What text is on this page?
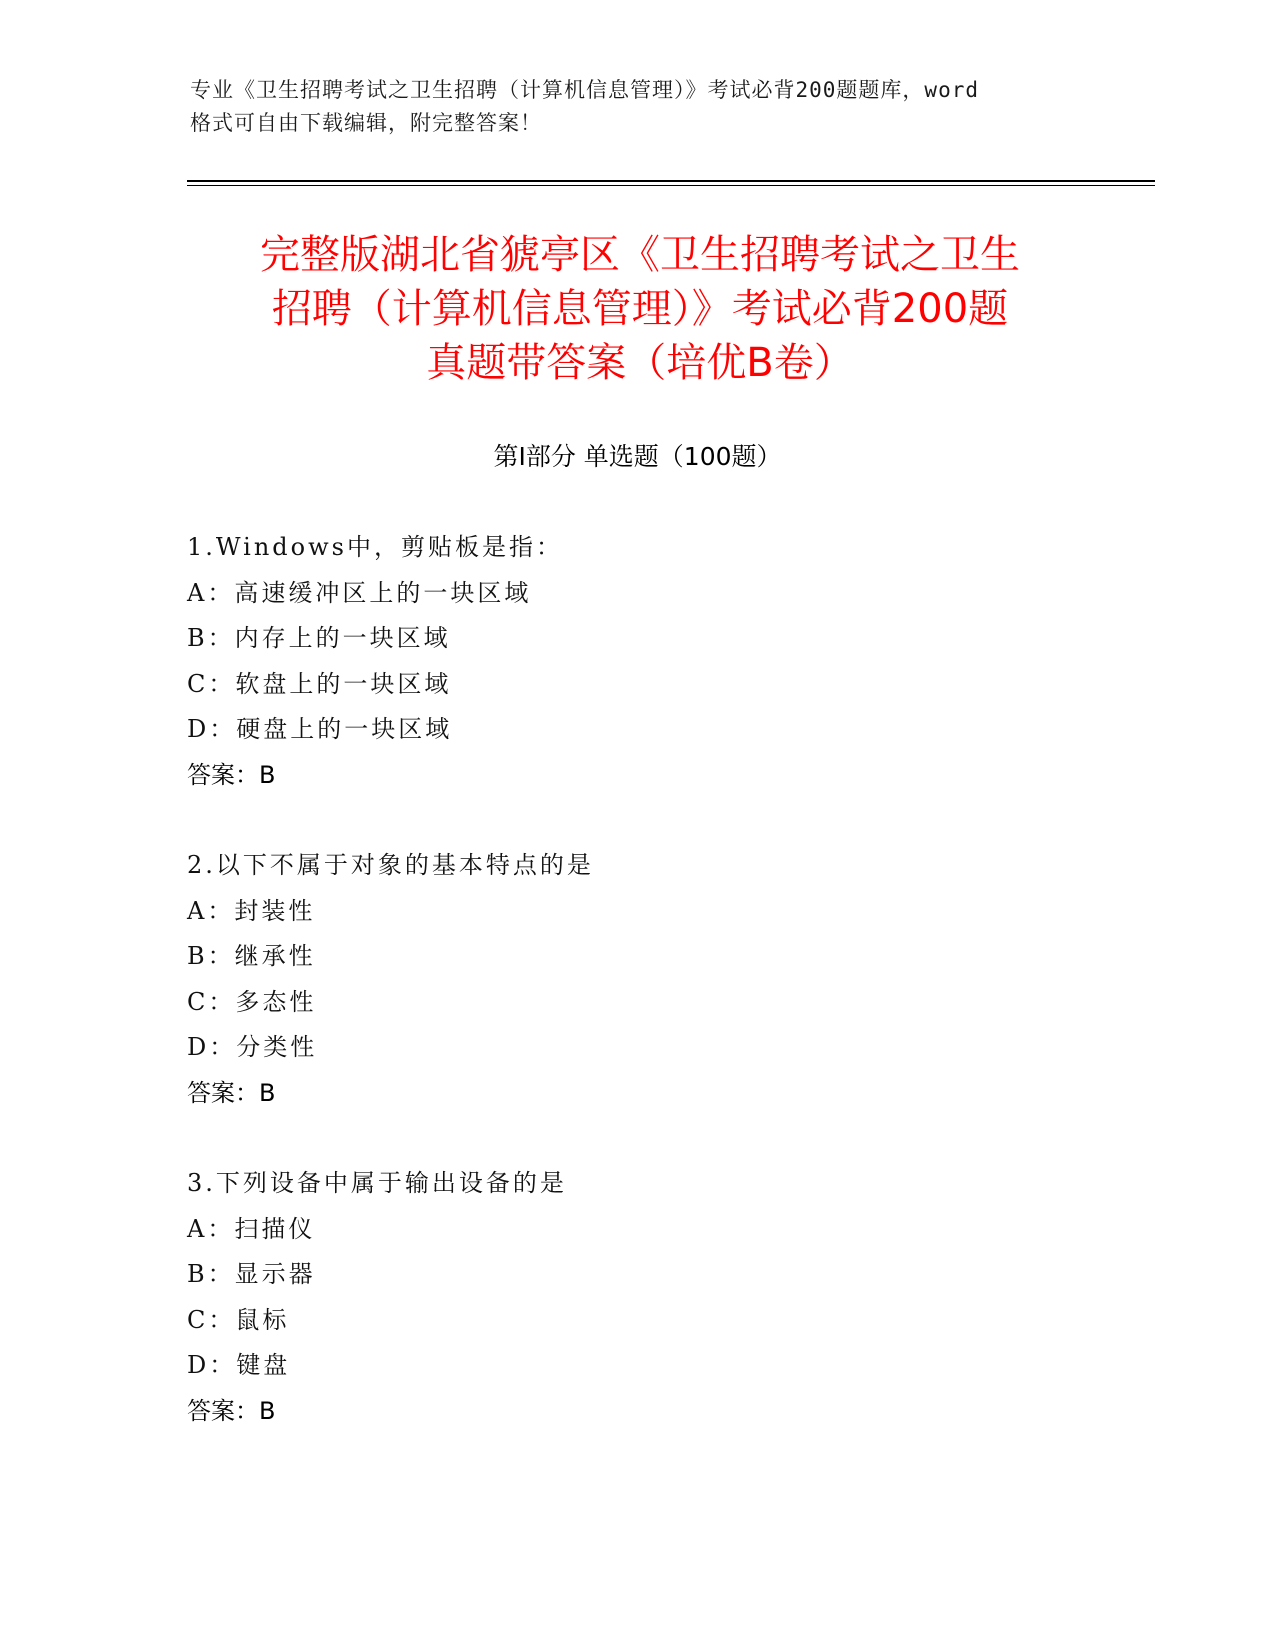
专业《卫生招聘考试之卫生招聘（计算机信息管理）》考试必背200题题库，word
格式可自由下载编辑，附完整答案！
完整版湖北省猇亭区《卫生招聘考试之卫生
招聘（计算机信息管理）》考试必背200题
真题带答案（培优B卷）
第Ⅰ部分 单选题（100题）
1.Windows中，剪贴板是指：
A：高速缓冲区上的一块区域
B：内存上的一块区域
C：软盘上的一块区域
D：硬盘上的一块区域
答案：B
2.以下不属于对象的基本特点的是
A：封装性
B：继承性
C：多态性
D：分类性
答案：B
3.下列设备中属于输出设备的是
A：扫描仪
B：显示器
C：鼠标
D：键盘
答案：B
